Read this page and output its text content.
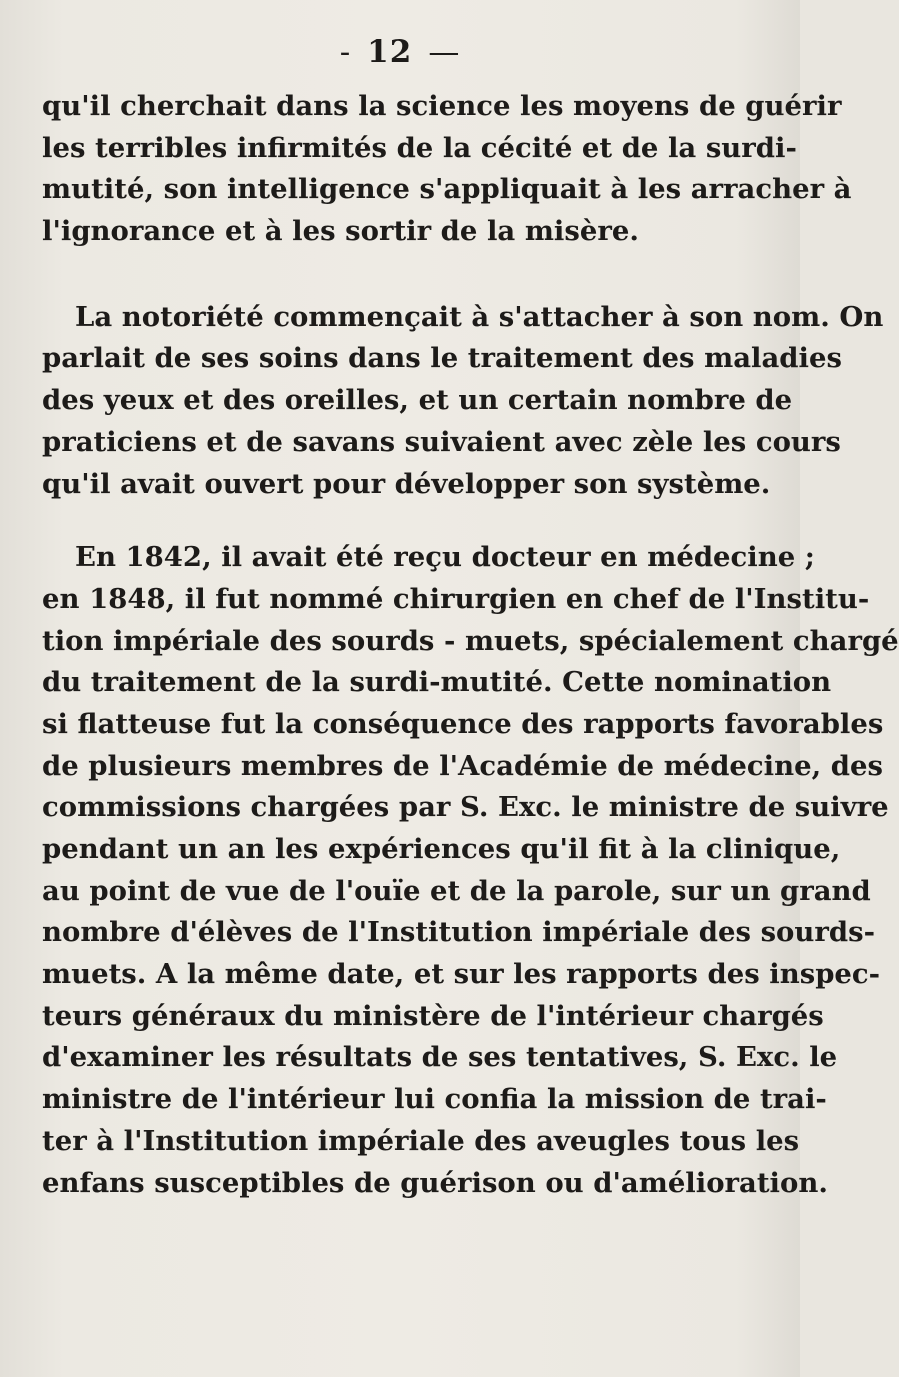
- 12 —
qu'il cherchait dans la science les moyens de guérir
les terribles infirmités de la cécité et de la surdi-
mutité, son intelligence s'appliquait à les arracher à
l'ignorance et à les sortir de la misère.
La notoriété commençait à s'attacher à son nom. On
parlait de ses soins dans le traitement des maladies
des yeux et des oreilles, et un certain nombre de
praticiens et de savans suivaient avec zèle les cours
qu'il avait ouvert pour développer son système.
En 1842, il avait été reçu docteur en médecine ;
en 1848, il fut nommé chirurgien en chef de l'Institu-
tion impériale des sourds - muets, spécialement chargé
du traitement de la surdi-mutité. Cette nomination
si flatteuse fut la conséquence des rapports favorables
de plusieurs membres de l'Académie de médecine, des
commissions chargées par S. Exc. le ministre de suivre
pendant un an les expériences qu'il fit à la clinique,
au point de vue de l'ouïe et de la parole, sur un grand
nombre d'élèves de l'Institution impériale des sourds-
muets. A la même date, et sur les rapports des inspec-
teurs généraux du ministère de l'intérieur chargés
d'examiner les résultats de ses tentatives, S. Exc. le
ministre de l'intérieur lui confia la mission de trai-
ter à l'Institution impériale des aveugles tous les
enfans susceptibles de guérison ou d'amélioration.
